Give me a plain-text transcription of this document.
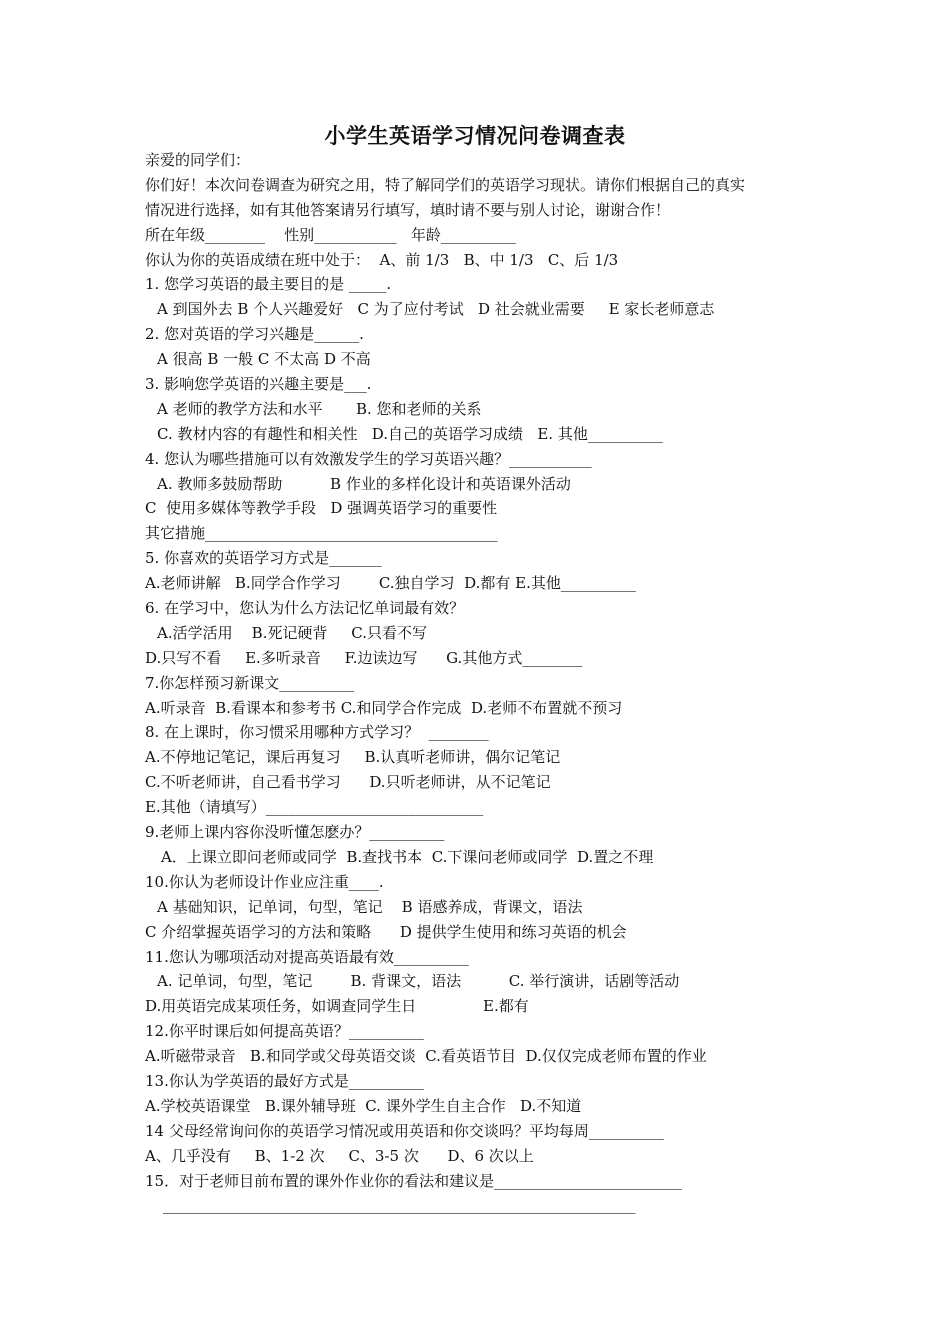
小学生英语学习情况问卷调查表
亲爱的同学们：
你们好！本次问卷调查为研究之用，特了解同学们的英语学习现状。请你们根据自己的真实
情况进行选择，如有其他答案请另行填写，填时请不要与别人讨论，谢谢合作！
所在年级________    性别___________   年龄__________
你认为你的英语成绩在班中处于：  A、前 1/3   B、中 1/3   C、后 1/3
1. 您学习英语的最主要目的是 _____.
A 到国外去 B 个人兴趣爱好   C 为了应付考试   D 社会就业需要     E 家长老师意志
2. 您对英语的学习兴趣是______.
A 很高 B 一般 C 不太高 D 不高
3. 影响您学英语的兴趣主要是___.
A 老师的教学方法和水平       B. 您和老师的关系
C. 教材内容的有趣性和相关性   D.自己的英语学习成绩   E. 其他__________
4. 您认为哪些措施可以有效激发学生的学习英语兴趣？___________
A. 教师多鼓励帮助          B 作业的多样化设计和英语课外活动
C  使用多媒体等教学手段   D 强调英语学习的重要性
其它措施_______________________________________
5. 你喜欢的英语学习方式是_______
A.老师讲解   B.同学合作学习        C.独自学习  D.都有 E.其他__________
6. 在学习中，您认为什么方法记忆单词最有效？
A.活学活用    B.死记硬背     C.只看不写
D.只写不看     E.多听录音     F.边读边写      G.其他方式________
7.你怎样预习新课文__________
A.听录音  B.看课本和参考书 C.和同学合作完成  D.老师不布置就不预习
8. 在上课时，你习惯采用哪种方式学习？  ________
A.不停地记笔记，课后再复习     B.认真听老师讲，偶尔记笔记
C.不听老师讲，自己看书学习      D.只听老师讲，从不记笔记
E.其他（请填写）_____________________________
9.老师上课内容你没听懂怎麽办？__________
A．上课立即问老师或同学  B.查找书本  C.下课问老师或同学  D.置之不理
10.你认为老师设计作业应注重____.
A 基础知识，记单词，句型，笔记    B 语感养成，背课文，语法
C 介绍掌握英语学习的方法和策略      D 提供学生使用和练习英语的机会
11.您认为哪项活动对提高英语最有效__________
A. 记单词，句型，笔记        B. 背课文，语法          C. 举行演讲，话剧等活动
D.用英语完成某项任务，如调查同学生日              E.都有
12.你平时课后如何提高英语？__________
A.听磁带录音   B.和同学或父母英语交谈  C.看英语节目  D.仅仅完成老师布置的作业
13.你认为学英语的最好方式是__________
A.学校英语课堂   B.课外辅导班  C. 课外学生自主合作   D.不知道
14 父母经常询问你的英语学习情况或用英语和你交谈吗？平均每周__________
A、几乎没有     B、1-2 次     C、3-5 次      D、6 次以上
15．对于老师目前布置的课外作业你的看法和建议是_________________________
_______________________________________________________________
